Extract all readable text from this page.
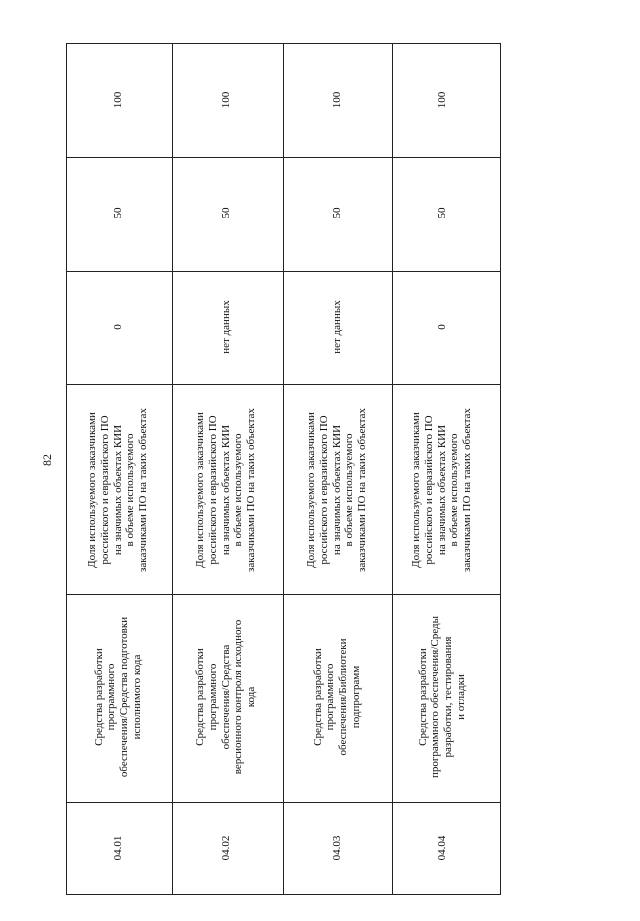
82
04.01
Средства разработки программного обеспечения/Средства подготовки исполнимого кода
Доля используемого заказчиками российского и евразийского ПО на значимых объектах КИИ в объеме используемого заказчиками ПО на таких объектах
0
50
100
04.02
Средства разработки программного обеспечения/Средства версионного контроля исходного кода
Доля используемого заказчиками российского и евразийского ПО на значимых объектах КИИ в объеме используемого заказчиками ПО на таких объектах
нет данных
50
100
04.03
Средства разработки программного обеспечения/Библиотеки подпрограмм
Доля используемого заказчиками российского и евразийского ПО на значимых объектах КИИ в объеме используемого заказчиками ПО на таких объектах
нет данных
50
100
04.04
Средства разработки программного обеспечения/Среды разработки, тестирования и отладки
Доля используемого заказчиками российского и евразийского ПО на значимых объектах КИИ в объеме используемого заказчиками ПО на таких объектах
0
50
100
